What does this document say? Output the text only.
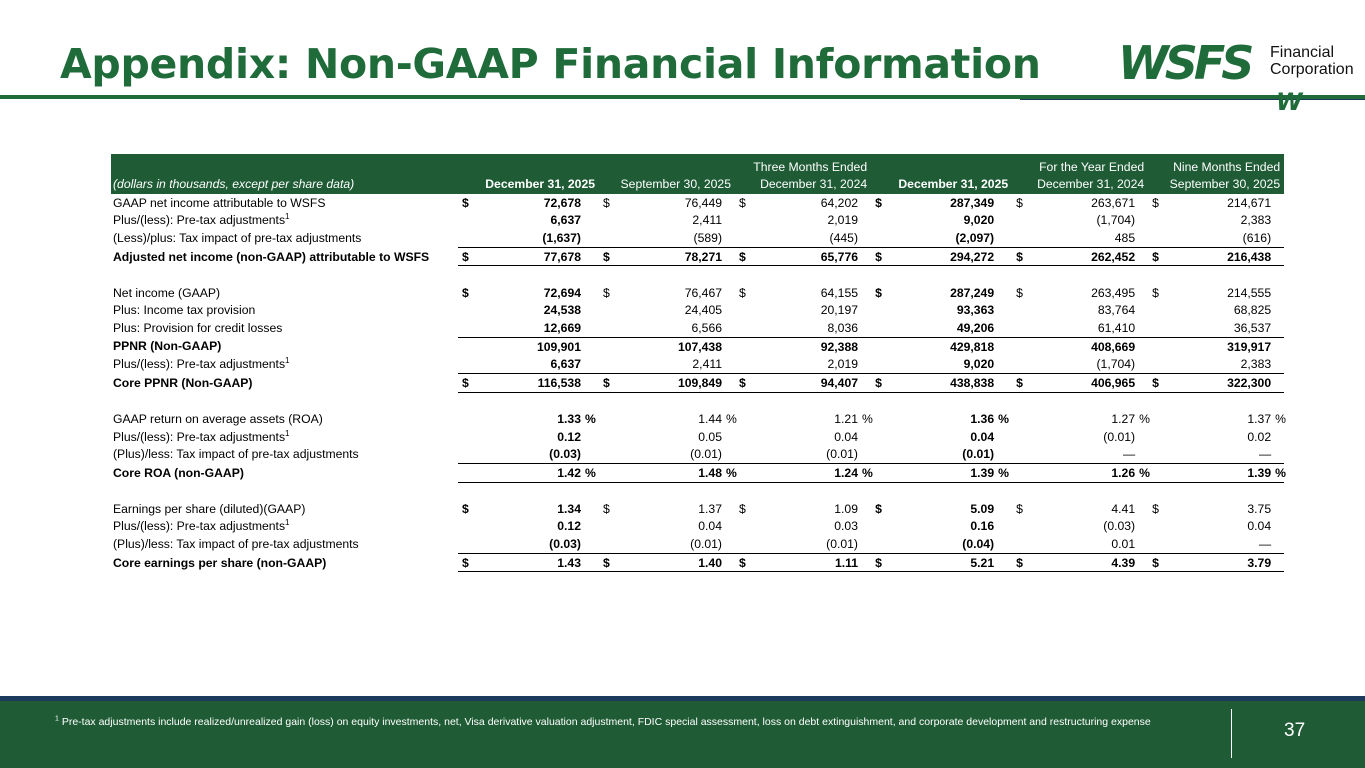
Appendix: Non-GAAP Financial Information WSFS Financial
Corporation
W
	Three Months Ended									For the Year Ended						Nine Months Ended		
(dollars in thousands, except per share data)	December 31, 2025			September 30, 2025			December 31, 2024			December 31, 2025			December 31, 2024			September 30, 2025		
GAAP net income attributable to WSFS	$	72,678		$	76,449		$	64,202		$	287,349		$	263,671		$	214,671	
Plus/(less): Pre-tax adjustments$^1$		6,637			2,411			2,019			9,020			(1,704)			2,383	
(Less)/plus: Tax impact of pre-tax adjustments		(1,637)			(589)			(445)			(2,097)			485			(616)	
Adjusted net income (non-GAAP) attributable to WSFS	$	77,678		$	78,271		$	65,776		$	294,272		$	262,452		$	216,438	

Net income (GAAP)	$	72,694		$	76,467		$	64,155		$	287,249		$	263,495		$	214,555	
Plus: Income tax provision		24,538			24,405			20,197			93,363			83,764			68,825	
Plus: Provision for credit losses		12,669			6,566			8,036			49,206			61,410			36,537	
PPNR (Non-GAAP)		109,901			107,438			92,388			429,818			408,669			319,917	
Plus/(less): Pre-tax adjustments$^1$		6,637			2,411			2,019			9,020			(1,704)			2,383	
Core PPNR (Non-GAAP)	$	116,538		$	109,849		$	94,407		$	438,838		$	406,965		$	322,300	

GAAP return on average assets (ROA)		1.33	%		1.44	%		1.21	%		1.36	%		1.27	%		1.37	%
Plus/(less): Pre-tax adjustments$^1$		0.12			0.05			0.04			0.04			(0.01)			0.02	
(Plus)/less: Tax impact of pre-tax adjustments		(0.03)			(0.01)			(0.01)			(0.01)			—			—	
Core ROA (non-GAAP)		1.42	%		1.48	%		1.24	%		1.39	%		1.26	%		1.39	%

Earnings per share (diluted)(GAAP)	$	1.34		$	1.37		$	1.09		$	5.09		$	4.41		$	3.75	
Plus/(less): Pre-tax adjustments$^1$		0.12			0.04			0.03			0.16			(0.03)			0.04	
(Plus)/less: Tax impact of pre-tax adjustments		(0.03)			(0.01)			(0.01)			(0.04)			0.01			—	
Core earnings per share (non-GAAP)	$	1.43		$	1.40		$	1.11		$	5.21		$	4.39		$	3.79	
$^1$ Pre-tax adjustments include realized/unrealized gain (loss) on equity investments, net, Visa derivative valuation adjustment, FDIC special assessment, loss on debt extinguishment, and corporate development and restructuring expense	37
